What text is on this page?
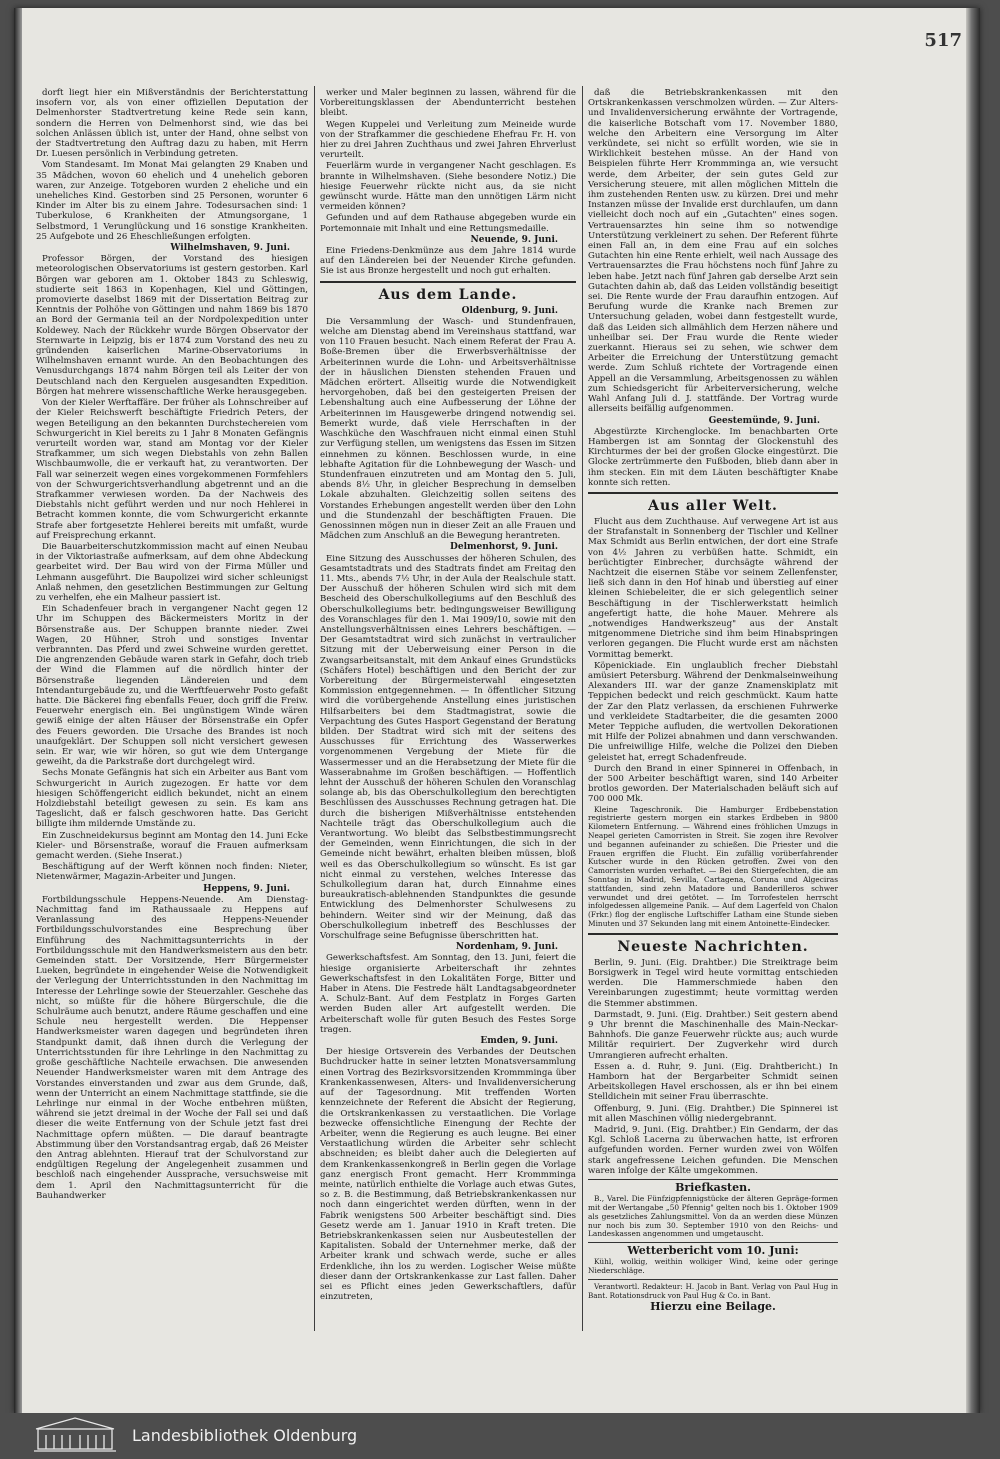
517

dorft liegt hier ein Mißverständnis der Berichterstattung insofern vor, als von einer offiziellen Deputation der Delmenhorster Stadtvertretung keine Rede sein kann, sondern die Herren von Delmenhorst sind, wie das bei solchen Anlässen üblich ist, unter der Hand, ohne selbst von der Stadtvertretung den Auftrag dazu zu haben, mit Herrn Dr. Luesen persönlich in Verbindung getreten.

Vom Standesamt. Im Monat Mai gelangten 29 Knaben und 35 Mädchen, wovon 60 ehelich und 4 unehelich geboren waren, zur Anzeige. Totgeboren wurden 2 eheliche und ein uneheliches Kind. Gestorben sind 25 Personen, worunter 6 Kinder im Alter bis zu einem Jahre. Todesursachen sind: 1 Tuberkulose, 6 Krankheiten der Atmungsorgane, 1 Selbstmord, 1 Verunglückung und 16 sonstige Krankheiten. 25 Aufgebote und 26 Eheschließungen erfolgten.

Wilhelmshaven, 9. Juni.

Professor Börgen, der Vorstand des hiesigen meteorologischen Observatoriums ist gestern gestorben. Karl Börgen war geboren am 1. Oktober 1843 zu Schleswig, studierte seit 1863 in Kopenhagen, Kiel und Göttingen, promovierte daselbst 1869 mit der Dissertation Beitrag zur Kenntnis der Polhöhe von Göttingen und nahm 1869 bis 1870 an Bord der Germania teil an der Nordpolexpedition unter Koldewey. Nach der Rückkehr wurde Börgen Observator der Sternwarte in Leipzig, bis er 1874 zum Vorstand des neu zu gründenden kaiserlichen Marine-Observatoriums in Wilhelmshaven ernannt wurde. An den Beobachtungen des Venusdurchgangs 1874 nahm Börgen teil als Leiter der von Deutschland nach den Kerguelen ausgesandten Expedition. Börgen hat mehrere wissenschaftliche Werke herausgegeben.

Von der Kieler Werftaffäre. Der früher als Lohnschreiber auf der Kieler Reichswerft beschäftigte Friedrich Peters, der wegen Beteiligung an den bekannten Durchstechereien vom Schwurgericht in Kiel bereits zu 1 Jahr 8 Monaten Gefängnis verurteilt worden war, stand am Montag vor der Kieler Strafkammer, um sich wegen Diebstahls von zehn Ballen Wischbaumwolle, die er verkauft hat, zu verantworten. Der Fall war seinerzeit wegen eines vorgekommenen Formfehlers von der Schwurgerichtsverhandlung abgetrennt und an die Strafkammer verwiesen worden. Da der Nachweis des Diebstahls nicht geführt werden und nur noch Hehlerei in Betracht kommen konnte, die vom Schwurgericht erkannte Strafe aber fortgesetzte Hehlerei bereits mit umfaßt, wurde auf Freisprechung erkannt.

Die Bauarbeiterschutzkommission macht auf einen Neubau in der Viktoriastraße aufmerksam, auf dem ohne Abdeckung gearbeitet wird. Der Bau wird von der Firma Müller und Lehmann ausgeführt. Die Baupolizei wird sicher schleunigst Anlaß nehmen, den gesetzlichen Bestimmungen zur Geltung zu verhelfen, ehe ein Malheur passiert ist.

Ein Schadenfeuer brach in vergangener Nacht gegen 12 Uhr im Schuppen des Bäckermeisters Moritz in der Börsenstraße aus. Der Schuppen brannte nieder. Zwei Wagen, 20 Hühner, Stroh und sonstiges Inventar verbrannten. Das Pferd und zwei Schweine wurden gerettet. Die angrenzenden Gebäude waren stark in Gefahr, doch trieb der Wind die Flammen auf die nördlich hinter der Börsenstraße liegenden Ländereien und dem Intendanturgebäude zu, und die Werftfeuerwehr Posto gefaßt hatte. Die Bäckerei fing ebenfalls Feuer, doch griff die Freiw. Feuerwehr energisch ein. Bei ungünstigem Winde wären gewiß einige der alten Häuser der Börsenstraße ein Opfer des Feuers geworden. Die Ursache des Brandes ist noch unaufgeklärt. Der Schuppen soll nicht versichert gewesen sein. Er war, wie wir hören, so gut wie dem Untergange geweiht, da die Parkstraße dort durchgelegt wird.

Sechs Monate Gefängnis hat sich ein Arbeiter aus Bant vom Schwurgericht in Aurich zugezogen. Er hatte vor dem hiesigen Schöffengericht eidlich bekundet, nicht an einem Holzdiebstahl beteiligt gewesen zu sein. Es kam ans Tageslicht, daß er falsch geschworen hatte. Das Gericht billigte ihm mildernde Umstände zu.

Ein Zuschneidekursus beginnt am Montag den 14. Juni Ecke Kieler- und Börsenstraße, worauf die Frauen aufmerksam gemacht werden. (Siehe Inserat.)

Beschäftigung auf der Werft können noch finden: Nieter, Nietenwärmer, Magazin-Arbeiter und Jungen.

Heppens, 9. Juni.

Fortbildungsschule Heppens-Neuende. Am Dienstag-Nachmittag fand im Rathaussaale zu Heppens auf Veranlassung des Heppens-Neuender Fortbildungsschulvorstandes eine Besprechung über Einführung des Nachmittagsunterrichts in der Fortbildungsschule mit den Handwerksmeistern aus den betr. Gemeinden statt. Der Vorsitzende, Herr Bürgermeister Lueken, begründete in eingehender Weise die Notwendigkeit der Verlegung der Unterrichtsstunden in den Nachmittag im Interesse der Lehrlinge sowie der Steuerzahler. Geschehe das nicht, so müßte für die höhere Bürgerschule, die die Schulräume auch benutzt, andere Räume geschaffen und eine Schule neu hergestellt werden. Die Heppenser Handwerksmeister waren dagegen und begründeten ihren Standpunkt damit, daß ihnen durch die Verlegung der Unterrichtsstunden für ihre Lehrlinge in den Nachmittag zu große geschäftliche Nachteile erwachsen. Die anwesenden Neuender Handwerksmeister waren mit dem Antrage des Vorstandes einverstanden und zwar aus dem Grunde, daß, wenn der Unterricht an einem Nachmittage stattfinde, sie die Lehrlinge nur einmal in der Woche entbehren müßten, während sie jetzt dreimal in der Woche der Fall sei und daß dieser die weite Entfernung von der Schule jetzt fast drei Nachmittage opfern müßten. — Die darauf beantragte Abstimmung über den Vorstandsantrag ergab, daß 26 Meister den Antrag ablehnten. Hierauf trat der Schulvorstand zur endgültigen Regelung der Angelegenheit zusammen und beschloß nach eingehender Aussprache, versuchsweise mit dem 1. April den Nachmittagsunterricht für die Bauhandwerker

werker und Maler beginnen zu lassen, während für die Vorbereitungsklassen der Abendunterricht bestehen bleibt.

Wegen Kuppelei und Verleitung zum Meineide wurde von der Strafkammer die geschiedene Ehefrau Fr. H. von hier zu drei Jahren Zuchthaus und zwei Jahren Ehrverlust verurteilt.

Feuerlärm wurde in vergangener Nacht geschlagen. Es brannte in Wilhelmshaven. (Siehe besondere Notiz.) Die hiesige Feuerwehr rückte nicht aus, da sie nicht gewünscht wurde. Hätte man den unnötigen Lärm nicht vermeiden können?

Gefunden und auf dem Rathause abgegeben wurde ein Portemonnaie mit Inhalt und eine Rettungsmedaille.

Neuende, 9. Juni.

Eine Friedens-Denkmünze aus dem Jahre 1814 wurde auf den Ländereien bei der Neuender Kirche gefunden. Sie ist aus Bronze hergestellt und noch gut erhalten.

Aus dem Lande.

Oldenburg, 9. Juni.

Die Versammlung der Wasch- und Stundenfrauen, welche am Dienstag abend im Vereinshaus stattfand, war von 110 Frauen besucht. Nach einem Referat der Frau A. Boße-Bremen über die Erwerbsverhältnisse der Arbeiterinnen wurde die Lohn- und Arbeitsverhältnisse der in häuslichen Diensten stehenden Frauen und Mädchen erörtert. Allseitig wurde die Notwendigkeit hervorgehoben, daß bei den gesteigerten Preisen der Lebenshaltung auch eine Aufbesserung der Löhne der Arbeiterinnen im Hausgewerbe dringend notwendig sei. Bemerkt wurde, daß viele Herrschaften in der Waschküche den Waschfrauen nicht einmal einen Stuhl zur Verfügung stellen, um wenigstens das Essen im Sitzen einnehmen zu können. Beschlossen wurde, in eine lebhafte Agitation für die Lohnbewegung der Wasch- und Stundenfrauen einzutreten und am Montag den 5. Juli, abends 8½ Uhr, in gleicher Besprechung in demselben Lokale abzuhalten. Gleichzeitig sollen seitens des Vorstandes Erhebungen angestellt werden über den Lohn und die Stundenzahl der beschäftigten Frauen. Die Genossinnen mögen nun in dieser Zeit an alle Frauen und Mädchen zum Anschluß an die Bewegung herantreten.

Delmenhorst, 9. Juni.

Eine Sitzung des Ausschusses der höheren Schulen, des Gesamtstadtrats und des Stadtrats findet am Freitag den 11. Mts., abends 7½ Uhr, in der Aula der Realschule statt. Der Ausschuß der höheren Schulen wird sich mit dem Bescheid des Oberschulkollegiums auf den Beschluß des Oberschulkollegiums betr. bedingungsweiser Bewilligung des Voranschlages für den 1. Mai 1909/10, sowie mit den Anstellungsverhältnissen eines Lehrers beschäftigen. — Der Gesamtstadtrat wird sich zunächst in vertraulicher Sitzung mit der Ueberweisung einer Person in die Zwangsarbeitsanstalt, mit dem Ankauf eines Grundstücks (Schäfers Hotel) beschäftigen und den Bericht der zur Vorbereitung der Bürgermeisterwahl eingesetzten Kommission entgegennehmen. — In öffentlicher Sitzung wird die vorübergehende Anstellung eines juristischen Hilfsarbeiters bei dem Stadtmagistrat, sowie die Verpachtung des Gutes Hasport Gegenstand der Beratung bilden. Der Stadtrat wird sich mit der seitens des Ausschusses für Errichtung des Wasserwerkes vorgenommenen Vergebung der Miete für die Wassermesser und an die Herabsetzung der Miete für die Wasserabnahme im Großen beschäftigen. — Hoffentlich lehnt der Ausschuß der höheren Schulen den Voranschlag solange ab, bis das Oberschulkollegium den berechtigten Beschlüssen des Ausschusses Rechnung getragen hat. Die durch die bisherigen Mißverhältnisse entstehenden Nachteile trägt das Oberschulkollegium auch die Verantwortung. Wo bleibt das Selbstbestimmungsrecht der Gemeinden, wenn Einrichtungen, die sich in der Gemeinde nicht bewährt, erhalten bleiben müssen, bloß weil es das Oberschulkollegium so wünscht. Es ist gar nicht einmal zu verstehen, welches Interesse das Schulkollegium daran hat, durch Einnahme eines bureaukratisch-ablehnenden Standpunktes die gesunde Entwicklung des Delmenhorster Schulwesens zu behindern. Weiter sind wir der Meinung, daß das Oberschulkollegium inbetreff des Beschlusses der Vorschulfrage seine Befugnisse überschritten hat.

Nordenham, 9. Juni.

Gewerkschaftsfest. Am Sonntag, den 13. Juni, feiert die hiesige organisierte Arbeiterschaft ihr zehntes Gewerkschaftsfest in den Lokalitäten Forge, Bitter und Haber in Atens. Die Festrede hält Landtagsabgeordneter A. Schulz-Bant. Auf dem Festplatz in Forges Garten werden Buden aller Art aufgestellt werden. Die Arbeiterschaft wolle für guten Besuch des Festes Sorge tragen.

Emden, 9. Juni.

Der hiesige Ortsverein des Verbandes der Deutschen Buchdrucker hatte in seiner letzten Monatsversammlung einen Vortrag des Bezirksvorsitzenden Krommminga über Krankenkassenwesen, Alters- und Invalidenversicherung auf der Tagesordnung. Mit treffenden Worten kennzeichnete der Referent die Absicht der Regierung, die Ortskrankenkassen zu verstaatlichen. Die Vorlage bezwecke offensichtliche Einengung der Rechte der Arbeiter, wenn die Regierung es auch leugne. Bei einer Verstaatlichung würden die Arbeiter sehr schlecht abschneiden; es bleibt daher auch die Delegierten auf dem Krankenkassenkongreß in Berlin gegen die Vorlage ganz energisch Front gemacht. Herr Krommminga meinte, natürlich enthielte die Vorlage auch etwas Gutes, so z. B. die Bestimmung, daß Betriebskrankenkassen nur noch dann eingerichtet werden dürften, wenn in der Fabrik wenigstens 500 Arbeiter beschäftigt sind. Dies Gesetz werde am 1. Januar 1910 in Kraft treten. Die Betriebskrankenkassen seien nur Ausbeutestellen der Kapitalisten. Sobald der Unternehmer merke, daß der Arbeiter krank und schwach werde, suche er alles Erdenkliche, ihn los zu werden. Logischer Weise müßte dieser dann der Ortskrankenkasse zur Last fallen. Daher sei es Pflicht eines jeden Gewerkschaftlers, dafür einzutreten,

daß die Betriebskrankenkassen mit den Ortskrankenkassen verschmolzen würden. — Zur Alters- und Invalidenversicherung erwähnte der Vortragende, die kaiserliche Botschaft vom 17. November 1880, welche den Arbeitern eine Versorgung im Alter verkündete, sei nicht so erfüllt worden, wie sie in Wirklichkeit bestehen müsse. An der Hand von Beispielen führte Herr Krommminga an, wie versucht werde, dem Arbeiter, der sein gutes Geld zur Versicherung steuere, mit allen möglichen Mitteln die ihm zustehenden Renten usw. zu kürzen. Drei und mehr Instanzen müsse der Invalide erst durchlaufen, um dann vielleicht doch noch auf ein „Gutachten" eines sogen. Vertrauensarztes hin seine ihm so notwendige Unterstützung verkleinert zu sehen. Der Referent führte einen Fall an, in dem eine Frau auf ein solches Gutachten hin eine Rente erhielt, weil nach Aussage des Vertrauensarztes die Frau höchstens noch fünf Jahre zu leben habe. Jetzt nach fünf Jahren gab derselbe Arzt sein Gutachten dahin ab, daß das Leiden vollständig beseitigt sei. Die Rente wurde der Frau daraufhin entzogen. Auf Berufung wurde die Kranke nach Bremen zur Untersuchung geladen, wobei dann festgestellt wurde, daß das Leiden sich allmählich dem Herzen nähere und unheilbar sei. Der Frau wurde die Rente wieder zuerkannt. Hieraus sei zu sehen, wie schwer dem Arbeiter die Erreichung der Unterstützung gemacht werde. Zum Schluß richtete der Vortragende einen Appell an die Versammlung, Arbeitsgenossen zu wählen zum Schiedsgericht für Arbeiterversicherung, welche Wahl Anfang Juli d. J. stattfände. Der Vortrag wurde allerseits beifällig aufgenommen.

Geestemünde, 9. Juni.

Abgestürzte Kirchenglocke. Im benachbarten Orte Hambergen ist am Sonntag der Glockenstuhl des Kirchturmes der bei der großen Glocke eingestürzt. Die Glocke zertrümmerte den Fußboden, blieb dann aber in ihm stecken. Ein mit dem Läuten beschäftigter Knabe konnte sich retten.

Aus aller Welt.

Flucht aus dem Zuchthause. Auf verwegene Art ist aus der Strafanstalt in Sonnenberg der Tischler und Kellner Max Schmidt aus Berlin entwichen, der dort eine Strafe von 4½ Jahren zu verbüßen hatte. Schmidt, ein berüchtigter Einbrecher, durchsägte während der Nachtzeit die eisernen Stäbe vor seinem Zellenfenster, ließ sich dann in den Hof hinab und überstieg auf einer kleinen Schiebeleiter, die er sich gelegentlich seiner Beschäftigung in der Tischlerwerkstatt heimlich angefertigt hatte, die hohe Mauer. Mehrere als „notwendiges Handwerkszeug" aus der Anstalt mitgenommene Dietriche sind ihm beim Hinabspringen verloren gegangen. Die Flucht wurde erst am nächsten Vormittag bemerkt.

Köpenickiade. Ein unglaublich frecher Diebstahl amüsiert Petersburg. Während der Denkmalseinweihung Alexanders III. war der ganze Znamenskiplatz mit Teppichen bedeckt und reich geschmückt. Kaum hatte der Zar den Platz verlassen, da erschienen Fuhrwerke und verkleidete Stadtarbeiter, die die gesamten 2000 Meter Teppiche aufluden, die wertvollen Dekorationen mit Hilfe der Polizei abnahmen und dann verschwanden. Die unfreiwillige Hilfe, welche die Polizei den Dieben geleistet hat, erregt Schadenfreude.

Durch den Brand in einer Spinnerei in Offenbach, in der 500 Arbeiter beschäftigt waren, sind 140 Arbeiter brotlos geworden. Der Materialschaden beläuft sich auf 700 000 Mk.

Kleine Tageschronik. Die Hamburger Erdbebenstation registrierte gestern morgen ein starkes Erdbeben in 9800 Kilometern Entfernung. — Während eines fröhlichen Umzugs in Neapel gerieten Camorristen in Streit. Sie zogen ihre Revolver und begannen aufeinander zu schießen. Die Priester und die Frauen ergriffen die Flucht. Ein zufällig vorüberfahrender Kutscher wurde in den Rücken getroffen. Zwei von den Camorristen wurden verhaftet. — Bei den Stiergefechten, die am Sonntag in Madrid, Sevilla, Cartagena, Coruna und Algeciras stattfanden, sind zehn Matadore und Banderilleros schwer verwundet und drei getötet. — Im Torrofestelen herrscht infolgedessen allgemeine Panik. — Auf dem Lagerfeld von Chalon (Frkr.) flog der englische Luftschiffer Latham eine Stunde sieben Minuten und 37 Sekunden lang mit einem Antoinette-Eindecker.

Neueste Nachrichten.

Berlin, 9. Juni. (Eig. Drahtber.) Die Streiktrage beim Borsigwerk in Tegel wird heute vormittag entschieden werden. Die Hammerschmiede haben den Vereinbarungen zugestimmt; heute vormittag werden die Stemmer abstimmen.

Darmstadt, 9. Juni. (Eig. Drahtber.) Seit gestern abend 9 Uhr brennt die Maschinenhalle des Main-Neckar-Bahnhofs. Die ganze Feuerwehr rückte aus; auch wurde Militär requiriert. Der Zugverkehr wird durch Umrangieren aufrecht erhalten.

Essen a. d. Ruhr, 9. Juni. (Eig. Drahtbericht.) In Hamborn hat der Bergarbeiter Schmidt seinen Arbeitskollegen Havel erschossen, als er ihn bei einem Stelldichein mit seiner Frau überraschte.

Offenburg, 9. Juni. (Eig. Drahtber.) Die Spinnerei ist mit allen Maschinen völlig niedergebrannt.

Madrid, 9. Juni. (Eig. Drahtber.) Ein Gendarm, der das Kgl. Schloß Lacerna zu überwachen hatte, ist erfroren aufgefunden worden. Ferner wurden zwei von Wölfen stark angefressene Leichen gefunden. Die Menschen waren infolge der Kälte umgekommen.

Briefkasten.

B., Varel. Die Fünfzigpfennigstücke der älteren Gepräge-formen mit der Wertangabe „50 Pfennig" gelten noch bis 1. Oktober 1909 als gesetzliches Zahlungsmittel. Von da an werden diese Münzen nur noch bis zum 30. September 1910 von den Reichs- und Landeskassen angenommen und umgetauscht.

Wetterbericht vom 10. Juni:

Kühl, wolkig, weithin wolkiger Wind, keine oder geringe Niederschläge.

Verantwortl. Redakteur: H. Jacob in Bant. Verlag von Paul Hug in Bant. Rotationsdruck von Paul Hug & Co. in Bant.

Hierzu eine Beilage.

Landesbibliothek Oldenburg
